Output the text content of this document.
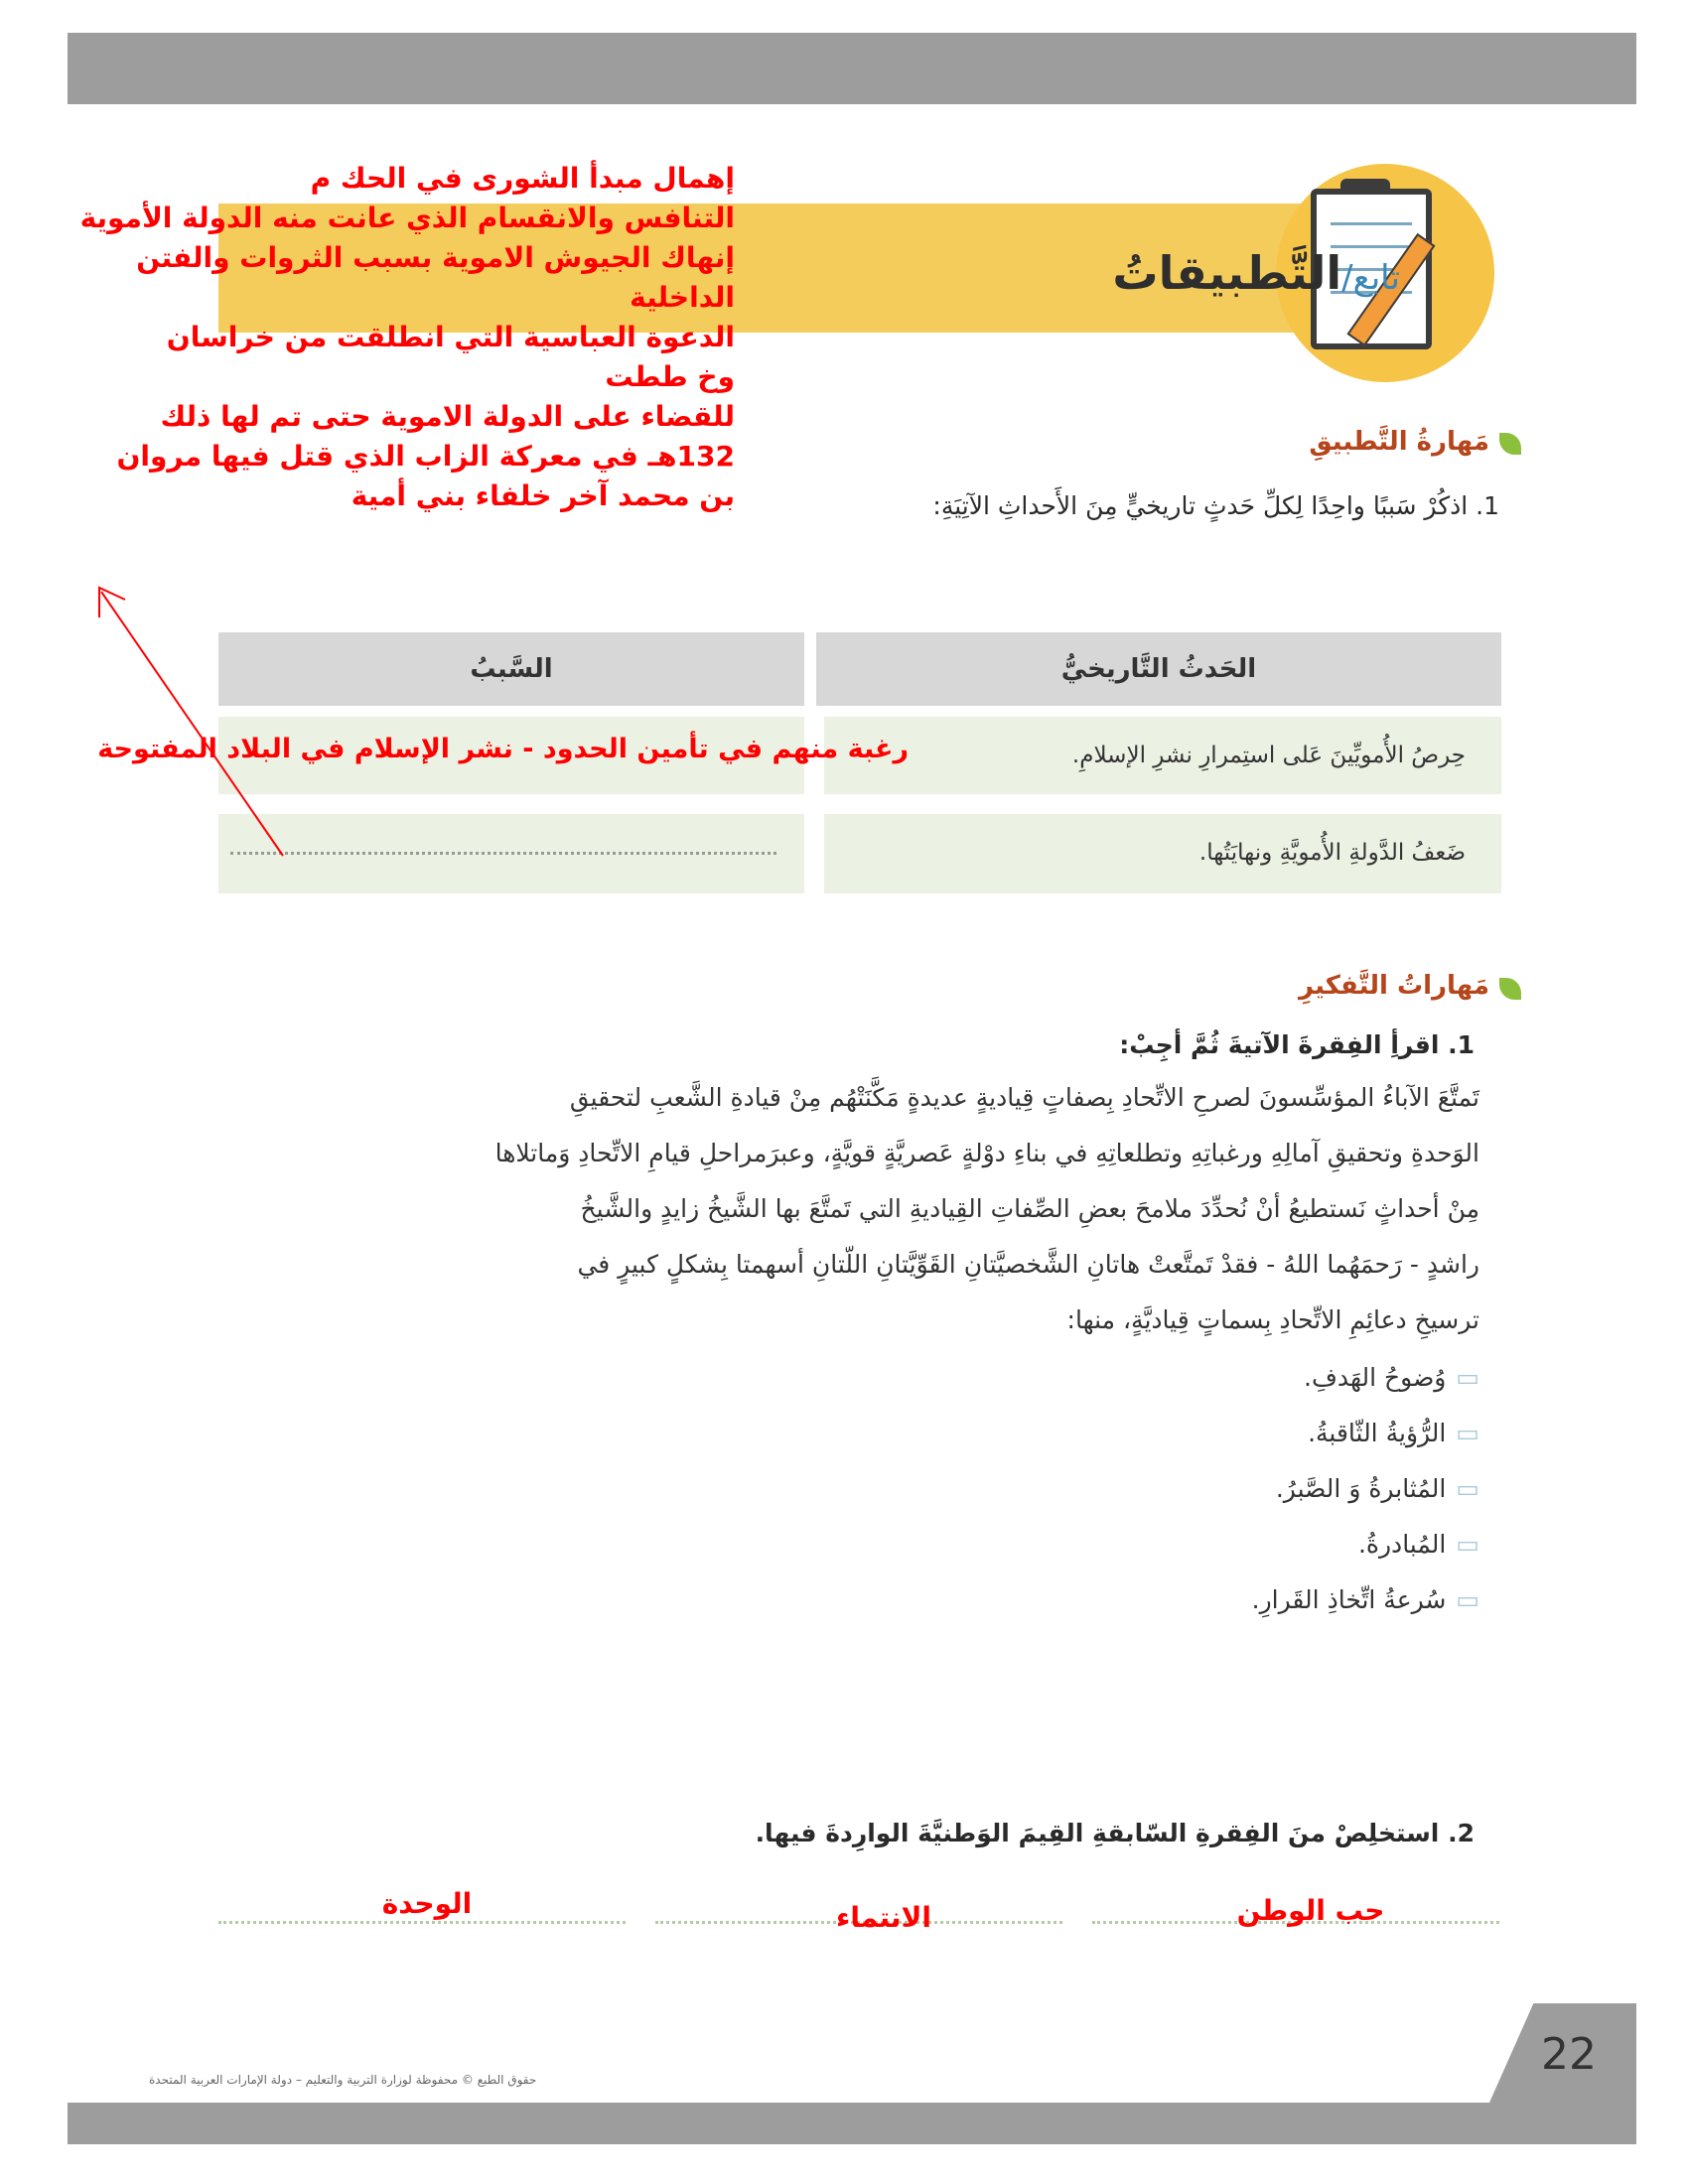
22
حقوق الطبع © محفوظة لوزارة التربية والتعليم – دولة الإمارات العربية المتحدة
تابع/التَّطبيقاتُ
مَهارةُ التَّطبيقِ
1. اذكُرْ سَببًا واحِدًا لِكلِّ حَدثٍ تاريخيٍّ مِنَ الأَحداثِ الآتِيَةِ:
الحَدثُ التَّاريخيُّ
السَّببُ
حِرصُ الأُمويِّينَ عَلى استِمرارِ نشرِ الإسلامِ.
ضَعفُ الدَّولةِ الأُمويَّةِ ونهايَتُها.
مَهاراتُ التَّفكيرِ
1. اقرأِ الفِقرةَ الآتيةَ ثُمَّ أجِبْ:
تَمتَّعَ الآباءُ المؤسِّسونَ لصرحِ الاتِّحادِ بِصفاتٍ قِياديةٍ عديدةٍ مَكَّنَتْهُم مِنْ قيادةِ الشَّعبِ لتحقيقِ
الوَحدةِ وتحقيقِ آمالِهِ ورغباتِهِ وتطلعاتِهِ في بناءِ دوْلةٍ عَصريَّةٍ قويَّةٍ، وعبرَمراحلِ قيامِ الاتِّحادِ وَماتلاها
مِنْ أحداثٍ نَستطيعُ أنْ نُحدِّدَ ملامحَ بعضِ الصِّفاتِ القِياديةِ التي تَمتَّعَ بها الشَّيخُ زايدٍ والشَّيخُ
راشدٍ - رَحمَهُما اللهُ - فقدْ تَمتَّعتْ هاتانِ الشَّخصيَّتانِ القَوِّيَّتانِ اللّتانِ أسهمتا بِشكلٍ كبيرٍ في
ترسيخِ دعائِمِ الاتِّحادِ بِسماتٍ قِياديَّةٍ، منها:
▭وُضوحُ الهَدفِ.
▭الرُّؤيةُ الثّاقبةُ.
▭المُثابرةُ وَ الصَّبرُ.
▭المُبادرةُ.
▭سُرعةُ اتِّخاذِ القَرارِ.
2. استخلِصْ منَ الفِقرةِ السّابقةِ القِيمَ الوَطنيَّةَ الوارِدةَ فيها.
إهمال مبدأ الشورى في الحك م
التنافس والانقسام الذي عانت منه الدولة الأموية
إنهاك الجيوش الاموية بسبب الثروات والفتن
الداخلية
الدعوة العباسية التي انطلقت من خراسان
وخ ططت
للقضاء على الدولة الاموية حتى تم لها ذلك
132هـ في معركة الزاب الذي قتل فيها مروان
بن محمد آخر خلفاء بني أمية
رغبة منهم في تأمين الحدود - نشر الإسلام في البلاد المفتوحة
حب الوطن
الانتماء
الوحدة
